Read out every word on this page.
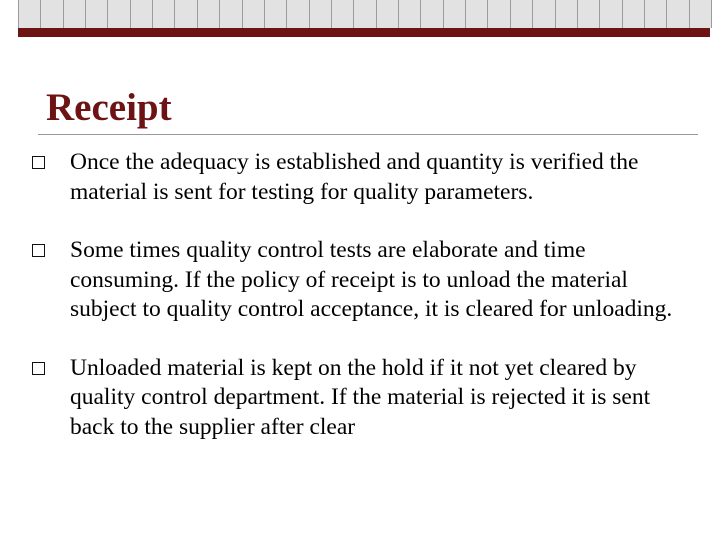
Receipt
Once the adequacy is established and quantity is verified the material is sent for testing for quality parameters.
Some times quality control tests are elaborate and time consuming. If the policy of receipt is to unload the material subject to quality control acceptance, it is cleared for unloading.
Unloaded material is kept on the hold if it not yet cleared by quality control department. If the material is rejected it is sent back to the supplier after clear
